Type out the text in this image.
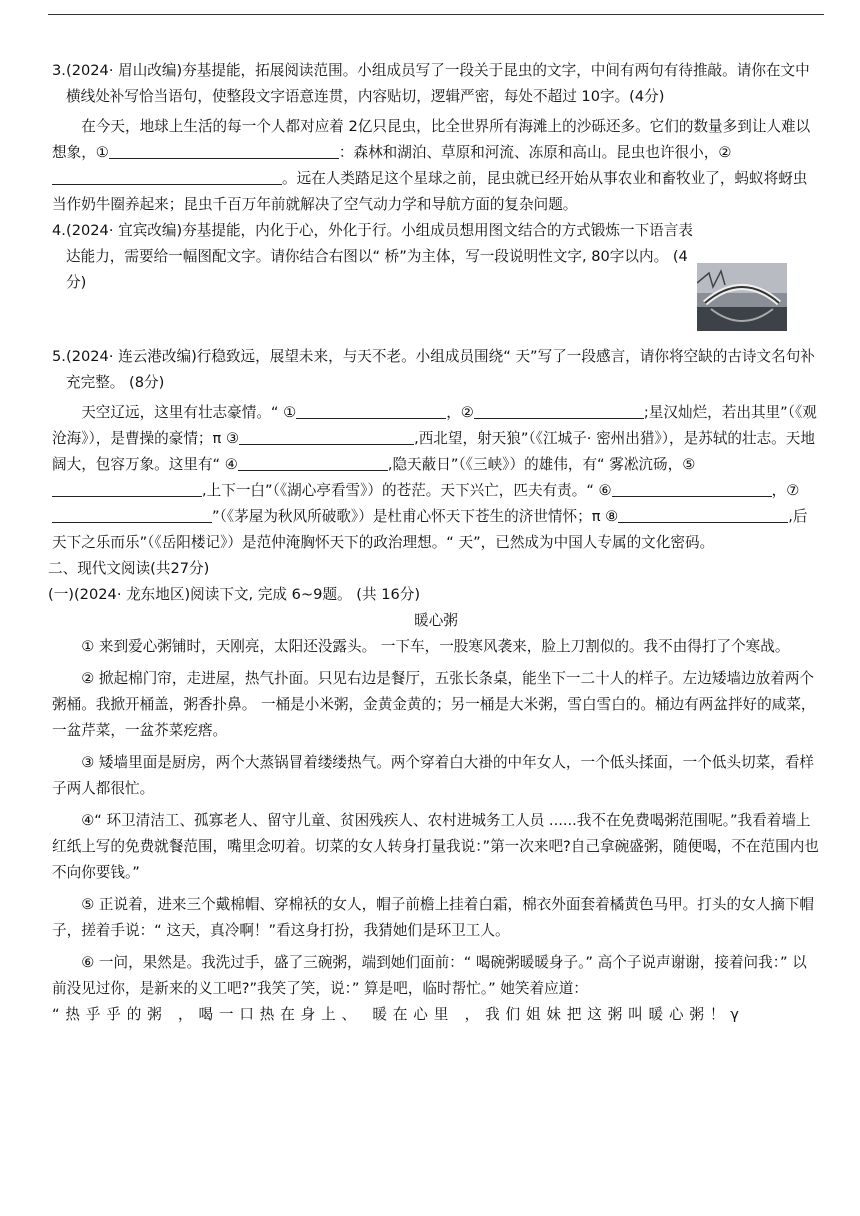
3. (2024· 眉山改编)夯基提能，拓展阅读范围。小组成员写了一段关于昆虫的文字，中间有两句有待推敲。请你在文中横线处补写恰当语句，使整段文字语意连贯，内容贴切，逻辑严密，每处不超过 10字。(4分)

在今天，地球上生活的每一个人都对应着 2亿只昆虫，比全世界所有海滩上的沙砾还多。它们的数量多到让人难以想象，①	：森林和湖泊、草原和河流、冻原和高山。昆虫也许很小，②。远在人类踏足这个星球之前，昆虫就已经开始从事农业和畜牧业了，蚂蚁将蚜虫当作奶牛圈养起来；昆虫千百万年前就解决了空气动力学和导航方面的复杂问题。

4. (2024· 宜宾改编)夯基提能，内化于心，外化于行。小组成员想用图文结合的方式锻炼一下语言表达能力，需要给一幅图配文字。请你结合右图以“ 桥”为主体，写一段说明性文字, 80字以内。 (4分)
5. (2024· 连云港改编)行稳致远，展望未来，与天不老。小组成员围绕“ 天”写了一段感言，请你将空缺的古诗文名句补充完整。 (8分)

天空辽远，这里有壮志豪情。“ ①	，②	;星汉灿烂，若出其里”（《观沧海》），是曹操的豪情；π ③	,西北望，射天狼”（《江城子· 密州出猎》），是苏轼的壮志。天地阔大，包容万象。这里有“ ④	,隐天蔽日”（《三峡》）的雄伟，有“ 雾凇沆砀，⑤,上下一白”（《湖心亭看雪》）的苍茫。天下兴亡，匹夫有责。“ ⑥	，⑦”（《茅屋为秋风所破歌》）是杜甫心怀天下苍生的济世情怀；π ⑧	,后天下之乐而乐”（《岳阳楼记》）是范仲淹胸怀天下的政治理想。“ 天”，已然成为中国人专属的文化密码。

二、现代文阅读(共27分)

(一)(2024· 龙东地区)阅读下文, 完成 6~9题。 (共 16分)

暖心粥

① 来到爱心粥铺时，天刚亮，太阳还没露头。 一下车，一股寒风袭来，脸上刀割似的。我不由得打了个寒战。

② 掀起棉门帘，走进屋，热气扑面。只见右边是餐厅，五张长条桌，能坐下一二十人的样子。左边矮墙边放着两个粥桶。我掀开桶盖，粥香扑鼻。 一桶是小米粥，金黄金黄的；另一桶是大米粥，雪白雪白的。桶边有两盆拌好的咸菜，一盆芹菜，一盆芥菜疙瘩。

③ 矮墙里面是厨房，两个大蒸锅冒着缕缕热气。两个穿着白大褂的中年女人，一个低头揉面，一个低头切菜，看样子两人都很忙。

④“ 环卫清洁工、孤寡老人、留守儿童、贫困残疾人、农村进城务工人员 ......我不在免费喝粥范围呢。”我看着墙上红纸上写的免费就餐范围，嘴里念叨着。切菜的女人转身打量我说：”第一次来吧?自己拿碗盛粥，随便喝，不在范围内也不向你要钱。”

⑤ 正说着，进来三个戴棉帽、穿棉袄的女人，帽子前檐上挂着白霜，棉衣外面套着橘黄色马甲。打头的女人摘下帽子，搓着手说：“ 这天，真冷啊！”看这身打扮，我猜她们是环卫工人。

⑥ 一问，果然是。我洗过手，盛了三碗粥，端到她们面前：“ 喝碗粥暖暖身子。” 高个子说声谢谢，接着问我：” 以前没见过你，是新来的义工吧?”我笑了笑，说：” 算是吧，临时帮忙。” 她笑着应道：

“热乎乎的粥 ，喝一口热在身上、 暖在心里 ，我们姐妹把这粥叫暖心粥！γ
